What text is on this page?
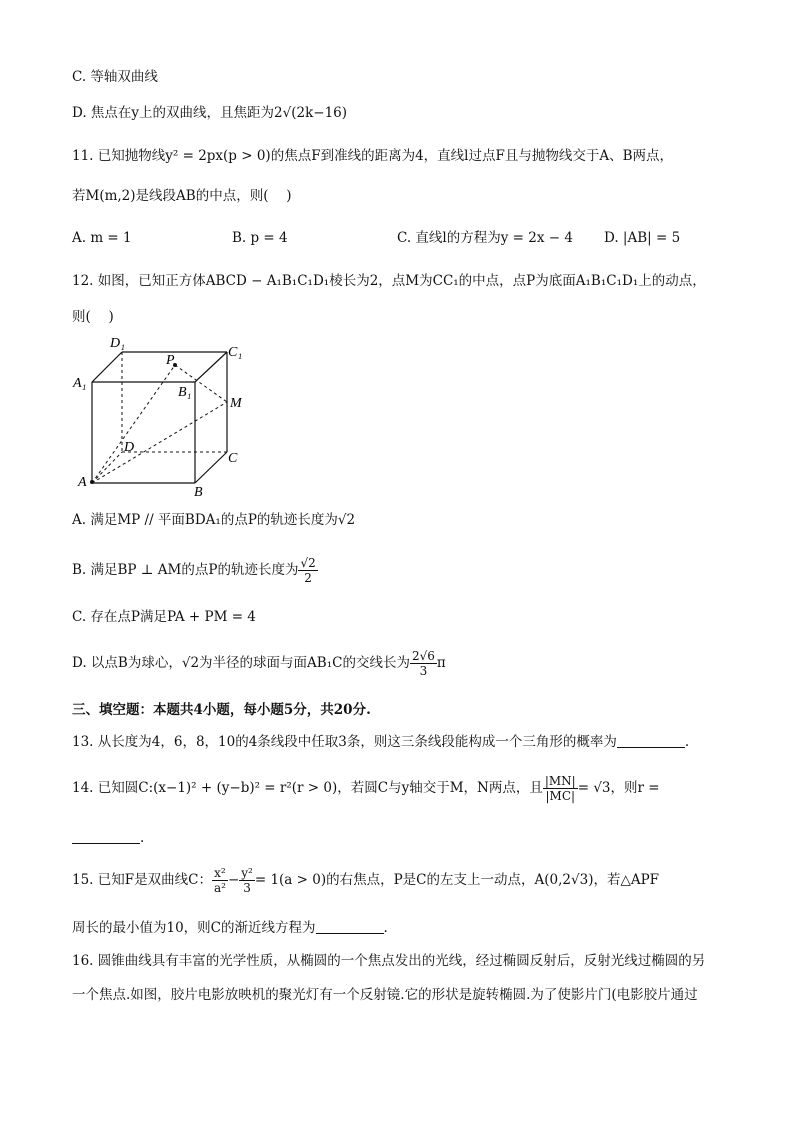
C. 等轴双曲线
D. 焦点在y上的双曲线，且焦距为2√(2k−16)
11. 已知抛物线y² = 2px(p > 0)的焦点F到准线的距离为4，直线l过点F且与抛物线交于A、B两点，
若M(m,2)是线段AB的中点，则(　 )
A. m = 1	B. p = 4	C. 直线l的方程为y = 2x − 4 D. |AB| = 5
12. 如图，已知正方体ABCD − A₁B₁C₁D₁棱长为2，点M为CC₁的中点，点P为底面A₁B₁C₁D₁上的动点，
则(　 )
D₁
C₁
A₁
B₁
P
M
D
C
A
B
A. 满足MP // 平面BDA₁的点P的轨迹长度为√2
B. 满足BP ⊥ AM的点P的轨迹长度为 $\frac{√2}{2}$
C. 存在点P满足PA + PM = 4
D. 以点B为球心，√2为半径的球面与面AB₁C的交线长为 $\frac{2√6}{3}$ π
三、填空题：本题共4小题，每小题5分，共20分.
13. 从长度为4，6，8，10的4条线段中任取3条，则这三条线段能构成一个三角形的概率为	.
14. 已知圆C:(x−1)² + (y−b)² = r²(r > 0)，若圆C与y轴交于M，N两点，且 $\frac{|MN|}{|MC|} = √3$，则r =
.
15. 已知F是双曲线C： $\frac{\text{x²}}{\text{a²}} - \frac{\text{y²}}{3} = 1(a > 0)$的右焦点，P是C的左支上一动点，A(0,2√3)，若△APF
周长的最小值为10，则C的渐近线方程为	.
16. 圆锥曲线具有丰富的光学性质，从椭圆的一个焦点发出的光线，经过椭圆反射后，反射光线过椭圆的另
一个焦点.如图，胶片电影放映机的聚光灯有一个反射镜.它的形状是旋转椭圆.为了使影片门(电影胶片通过
